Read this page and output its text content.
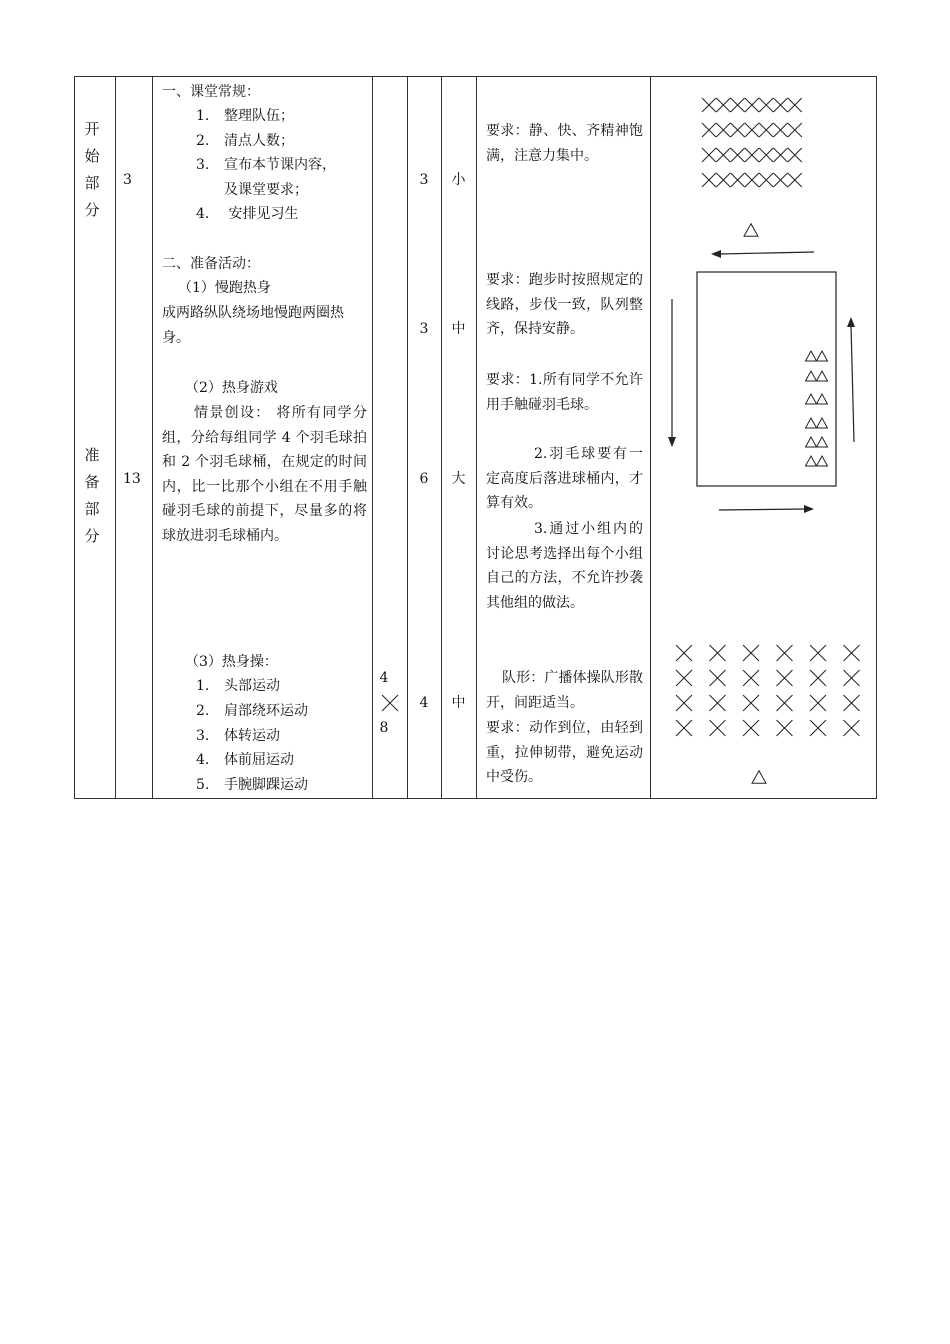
开
始
部
分
准
备
部
分
3
13
一、课堂常规：
1. 整理队伍；
2. 清点人数；
3. 宣布本节课内容，
及课堂要求；
4. 安排见习生
二、准备活动：
（1）慢跑热身
成两路纵队绕场地慢跑两圈热身。
（2）热身游戏
情景创设： 将所有同学分组，分给每组同学 4 个羽毛球拍和 2 个羽毛球桶，在规定的时间内，比一比那个小组在不用手触碰羽毛球的前提下，尽量多的将球放进羽毛球桶内。
（3）热身操：
1. 头部运动
2. 肩部绕环运动
3. 体转运动
4. 体前屈运动
5. 手腕脚踝运动
4
8
3
3
6
4
小
中
大
中
要求：静、快、齐精神饱满，注意力集中。
要求：跑步时按照规定的线路，步伐一致，队列整齐，保持安静。
要求：1.所有同学不允许用手触碰羽毛球。
2.羽毛球要有一定高度后落进球桶内，才算有效。
3.通过小组内的讨论思考选择出每个小组自己的方法，不允许抄袭其他组的做法。
队形：广播体操队形散开，间距适当。
要求：动作到位，由轻到重，拉伸韧带，避免运动中受伤。
